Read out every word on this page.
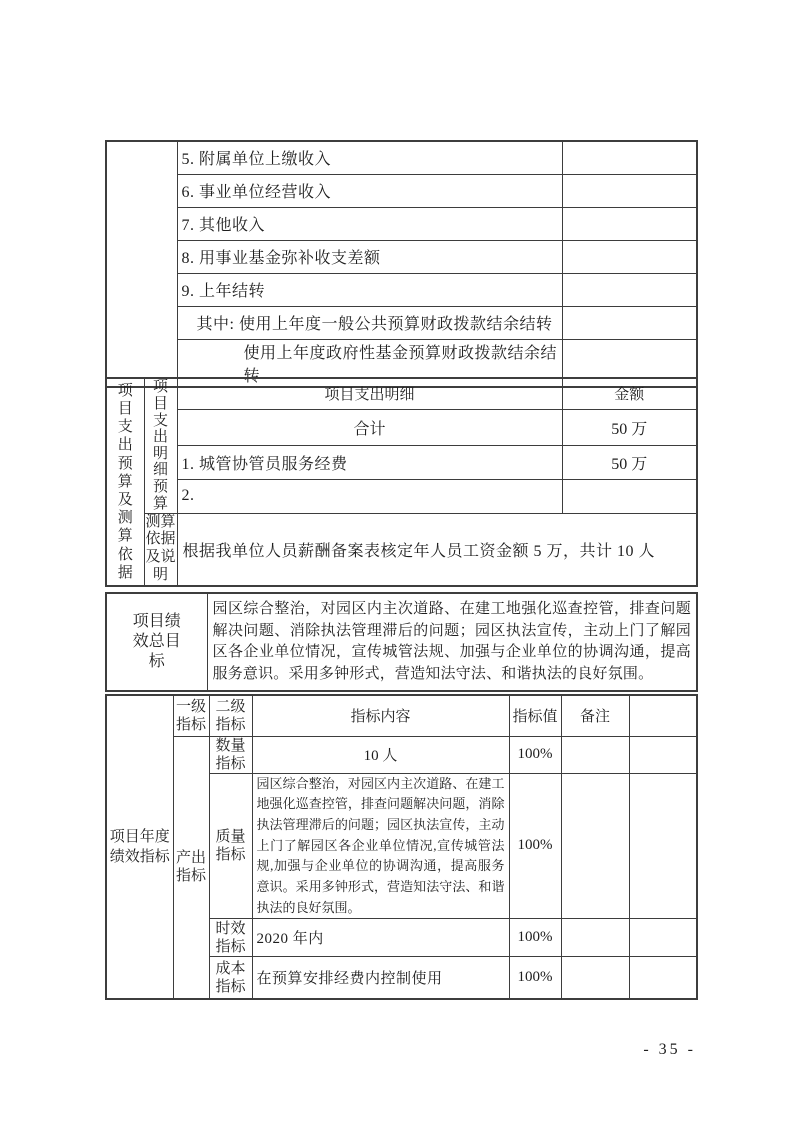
	5. 附属单位上缴收入	
	6. 事业单位经营收入	
	7. 其他收入	
	8. 用事业基金弥补收支差额	
	9. 上年结转	
	其中: 使用上年度一般公共预算财政拨款结余结转	
	使用上年度政府性基金预算财政拨款结余结转	
项目支出预算及测算依据	项目支出明细预算	项目支出明细	金额
		合计	50 万
		1. 城管协管员服务经费	50 万
		2.	

	测算依据及说明	根据我单位人员薪酬备案表核定年人员工资金额 5 万，共计 10 人	
项目绩效总目标

园区综合整治，对园区内主次道路、在建工地强化巡查控管，排查问题解决问题、消除执法管理滞后的问题；园区执法宣传，主动上门了解园区各企业单位情况，宣传城管法规、加强与企业单位的协调沟通，提高服务意识。采用多钟形式，营造知法守法、和谐执法的良好氛围。
项目年度绩效指标	一级指标	二级指标	指标内容	指标值	备注	

	产出指标	数量指标	10 人	100%		

		质量指标	园区综合整治，对园区内主次道路、在建工地强化巡查控管，排查问题解决问题，消除执法管理滞后的问题；园区执法宣传，主动上门了解园区各企业单位情况,宣传城管法规,加强与企业单位的协调沟通，提高服务意识。采用多钟形式，营造知法守法、和谐执法的良好氛围。	100%		

		时效指标	2020 年内	100%		

		成本指标	在预算安排经费内控制使用	100%		
- 35 -
